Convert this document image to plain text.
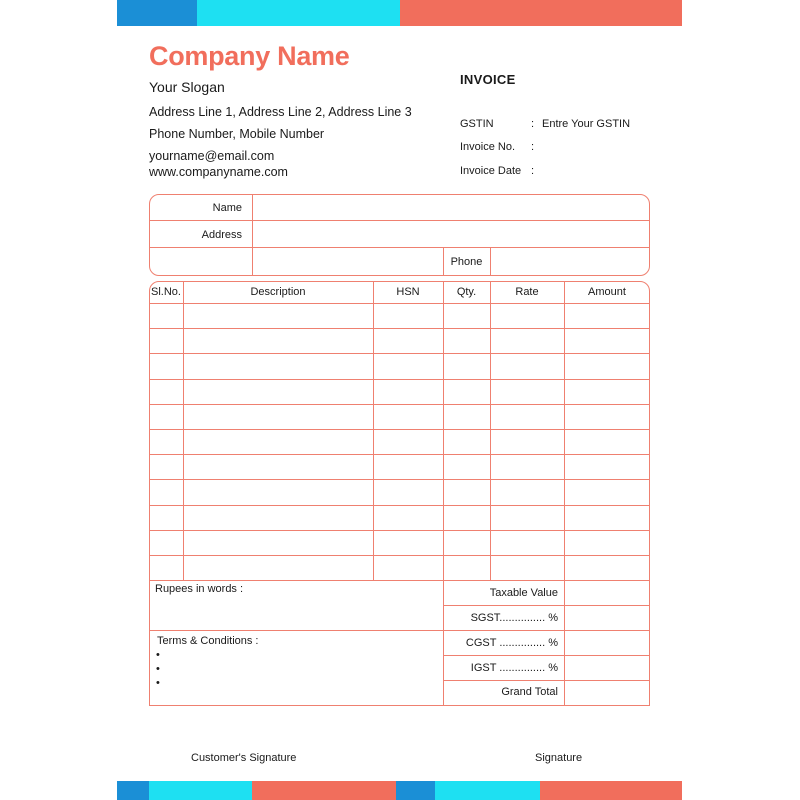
Company Name
Your Slogan
Address Line 1, Address Line 2, Address Line 3
Phone Number, Mobile Number
yourname@email.com
www.companyname.com
INVOICE
GSTIN	: Entre Your GSTIN
Invoice No. :
Invoice Date :
Name
Address
Phone
Sl.No.	Description	HSN	Qty.	Rate	Amount
Rupees in words :
Terms & Conditions :
•
•
•
Taxable Value
SGST............... %
CGST ............... %
IGST ............... %
Grand Total
Customer's Signature	Signature
